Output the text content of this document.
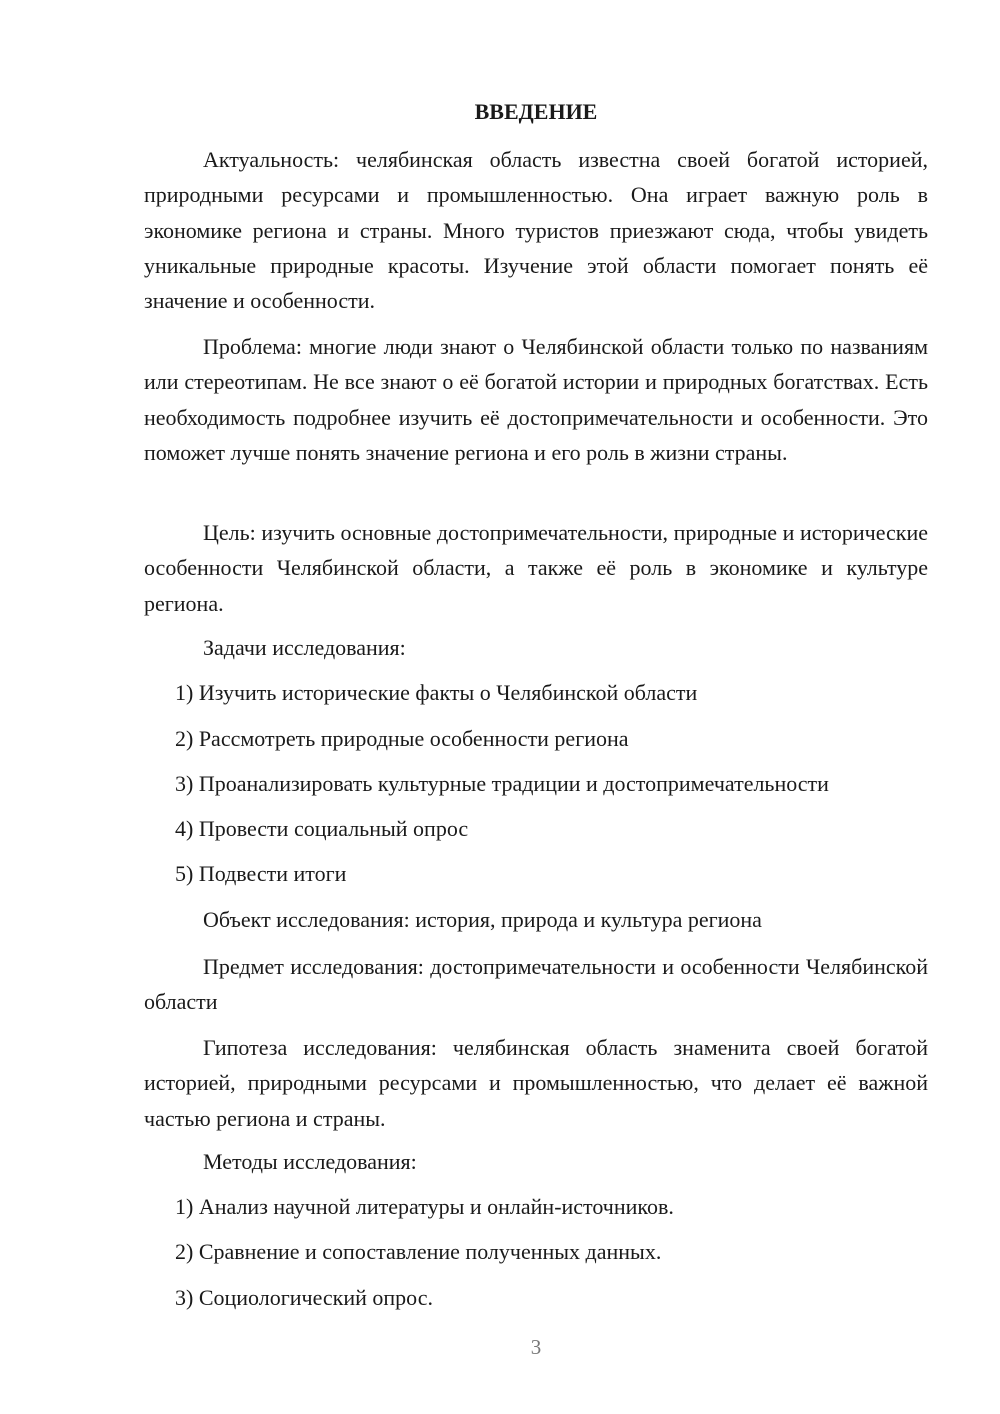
ВВЕДЕНИЕ

Актуальность: челябинская область известна своей богатой историей, природными ресурсами и промышленностью. Она играет важную роль в экономике региона и страны. Много туристов приезжают сюда, чтобы увидеть уникальные природные красоты. Изучение этой области помогает понять её значение и особенности.

Проблема: многие люди знают о Челябинской области только по названиям или стереотипам. Не все знают о её богатой истории и природных богатствах. Есть необходимость подробнее изучить её достопримечательности и особенности. Это поможет лучше понять значение региона и его роль в жизни страны.

Цель: изучить основные достопримечательности, природные и исторические особенности Челябинской области, а также её роль в экономике и культуре региона.

Задачи исследования:

1) Изучить исторические факты о Челябинской области

2) Рассмотреть природные особенности региона

3) Проанализировать культурные традиции и достопримечательности

4) Провести социальный опрос

5) Подвести итоги

Объект исследования: история, природа и культура региона

Предмет исследования: достопримечательности и особенности Челябинской области

Гипотеза исследования: челябинская область знаменита своей богатой историей, природными ресурсами и промышленностью, что делает её важной частью региона и страны.

Методы исследования:

1) Анализ научной литературы и онлайн-источников.

2) Сравнение и сопоставление полученных данных.

3) Социологический опрос.

3
